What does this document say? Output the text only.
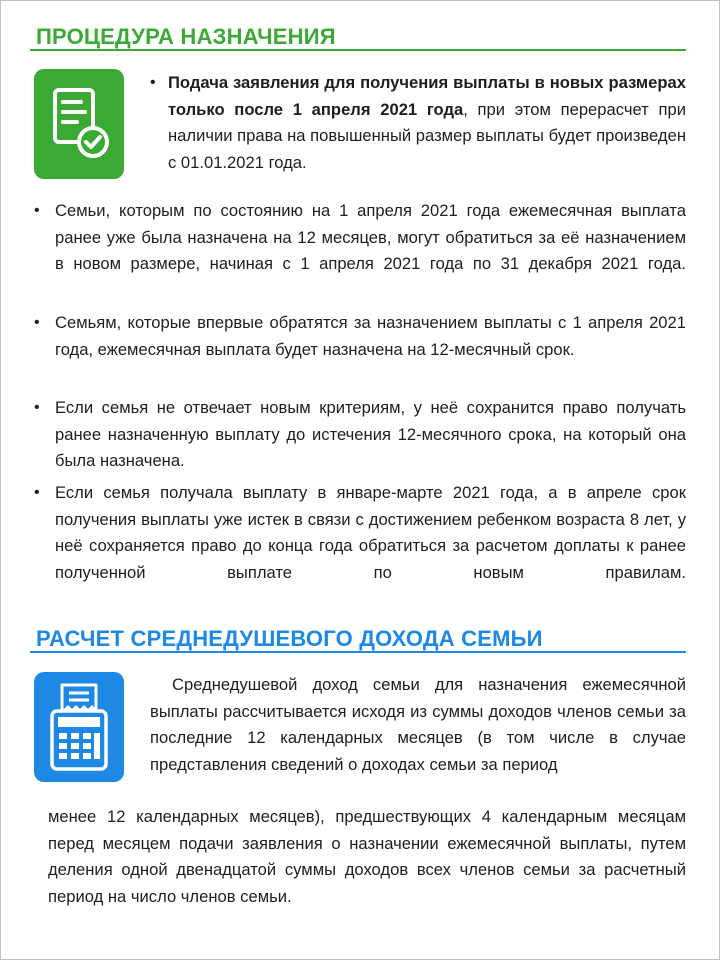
ПРОЦЕДУРА НАЗНАЧЕНИЯ
• Подача заявления для получения выплаты в новых размерах только после 1 апреля 2021 года, при этом перерасчет при наличии права на повышенный размер выплаты будет произведен с 01.01.2021 года.

• Семьи, которым по состоянию на 1 апреля 2021 года ежемесячная выплата ранее уже была назначена на 12 месяцев, могут обратиться за её назначением в новом размере, начиная с 1 апреля 2021 года по 31 декабря 2021 года.

• Семьям, которые впервые обратятся за назначением выплаты с 1 апреля 2021 года, ежемесячная выплата будет назначена на 12-месячный срок.

• Если семья не отвечает новым критериям, у неё сохранится право получать ранее назначенную выплату до истечения 12-месячного срока, на который она была назначена.

• Если семья получала выплату в январе-марте 2021 года, а в апреле срок получения выплаты уже истек в связи с достижением ребенком возраста 8 лет, у неё сохраняется право до конца года обратиться за расчетом доплаты к ранее полученной выплате по новым правилам.

РАСЧЕТ СРЕДНЕДУШЕВОГО ДОХОДА СЕМЬИ

Среднедушевой доход семьи для назначения ежемесячной выплаты рассчитывается исходя из суммы доходов членов семьи за последние 12 календарных месяцев (в том числе в случае представления сведений о доходах семьи за период

менее 12 календарных месяцев), предшествующих 4 календарным месяцам перед месяцем подачи заявления о назначении ежемесячной выплаты, путем деления одной двенадцатой суммы доходов всех членов семьи за расчетный период на число членов семьи.
